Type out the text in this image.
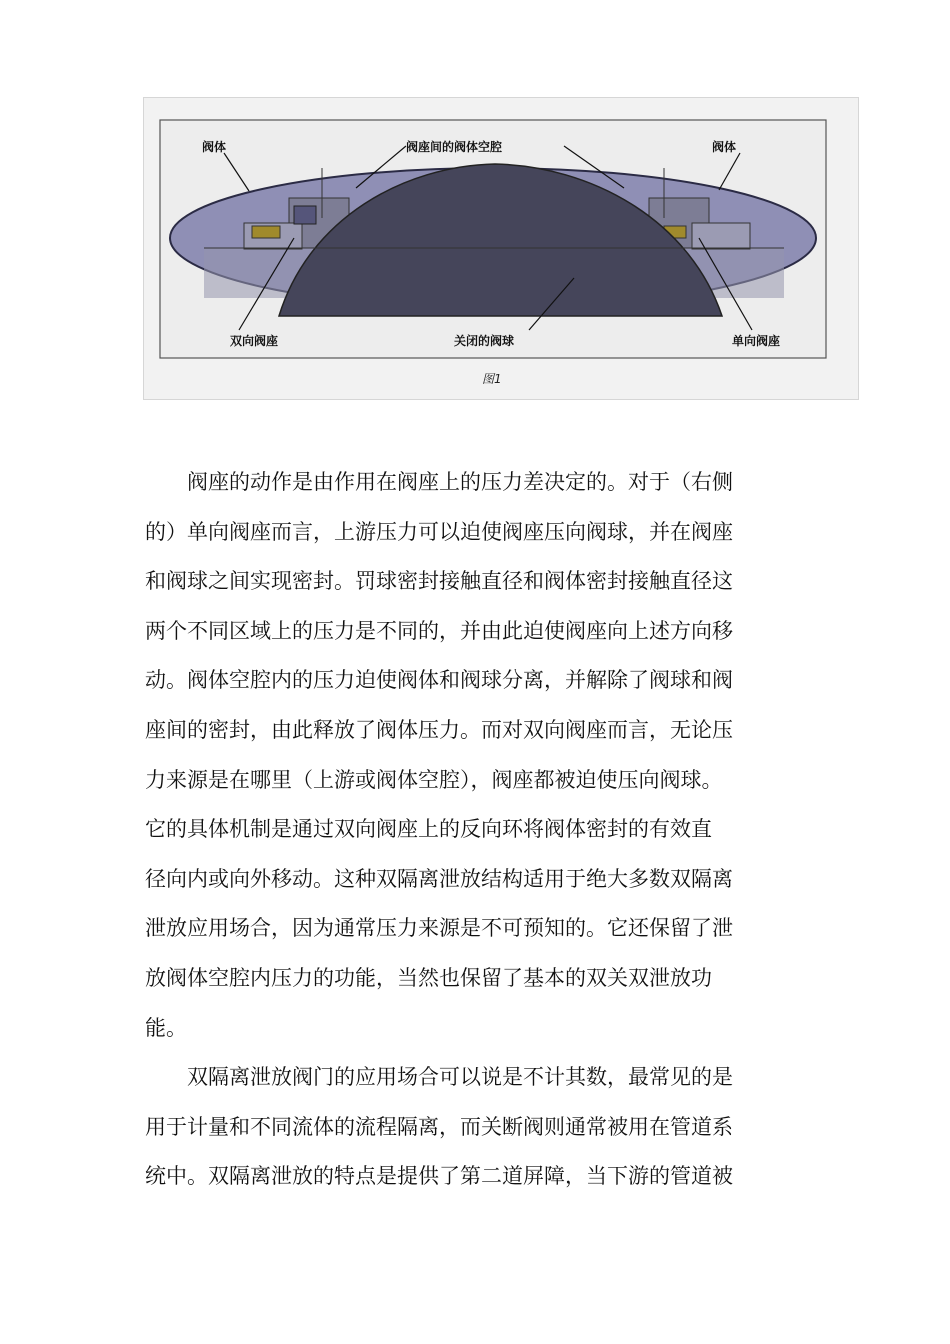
阀体	阀座间的阀体空腔	阀体
双向阀座	关闭的阀球	单向阀座
图1

阀座的动作是由作用在阀座上的压力差决定的。对于（右侧
的）单向阀座而言，上游压力可以迫使阀座压向阀球，并在阀座
和阀球之间实现密封。罚球密封接触直径和阀体密封接触直径这
两个不同区域上的压力是不同的，并由此迫使阀座向上述方向移
动。阀体空腔内的压力迫使阀体和阀球分离，并解除了阀球和阀
座间的密封，由此释放了阀体压力。而对双向阀座而言，无论压
力来源是在哪里（上游或阀体空腔），阀座都被迫使压向阀球。
它的具体机制是通过双向阀座上的反向环将阀体密封的有效直
径向内或向外移动。这种双隔离泄放结构适用于绝大多数双隔离
泄放应用场合，因为通常压力来源是不可预知的。它还保留了泄
放阀体空腔内压力的功能，当然也保留了基本的双关双泄放功
能。

双隔离泄放阀门的应用场合可以说是不计其数，最常见的是
用于计量和不同流体的流程隔离，而关断阀则通常被用在管道系
统中。双隔离泄放的特点是提供了第二道屏障，当下游的管道被
